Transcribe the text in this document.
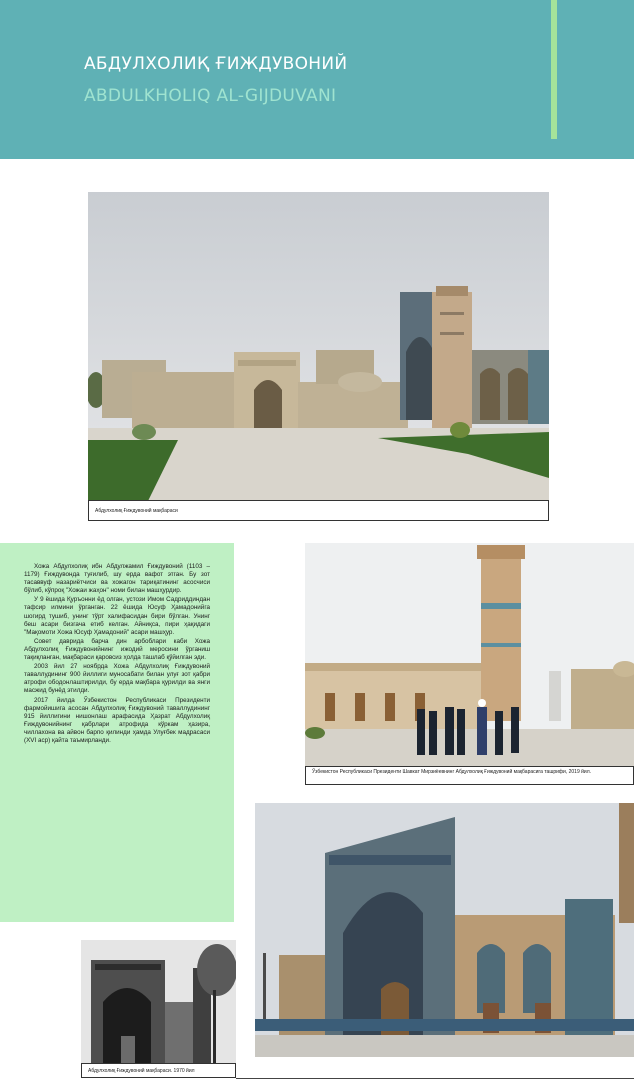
АБДУЛХОЛИҚ ҒИЖДУВОНИЙ
ABDULKHOLIQ AL-GIJDUVANI
Абдулхолиқ Ғиждувоний мақбараси

Хожа Абдулхолиқ ибн Абдулжамил Ғиждувоний (1103 – 1179) Ғиждувонда туғилиб, шу ерда вафот этган. Бу зот тасаввуф назариётчиси ва хожагон тариқатининг асосчиси бўлиб, кўпроқ "Хожаи жаҳон" номи билан машҳурдир.

У 9 ёшида Қуръонни ёд олган, устози Имом Садриддиндан тафсир илмини ўрганган. 22 ёшида Юсуф Ҳамадонийга шогирд тушиб, унинг тўрт халифасидан бири бўлган. Унинг беш асари бизгача етиб келган. Айниқса, пири ҳақидаги "Мақомоти Хожа Юсуф Ҳамадоний" асари машҳур.

Совет даврида барча дин арбоблари каби Хожа Абдулхолиқ Ғиждувонийнинг ижодий меросини ўрганиш тақиқланган, мақбараси қаровсиз ҳолда ташлаб қўйилган эди.

2003 йил 27 ноябрда Хожа Абдулхолиқ Ғиждувоний таваллудининг 900 йиллиги муносабати билан улуғ зот қабри атрофи ободонлаштирилди, бу ерда мақбара қурилди ва янги масжид бунёд этилди.

2017 йилда Ўзбекистон Республикаси Президенти фармойишига асосан Абдулхолиқ Ғиждувоний таваллудининг 915 йиллигини нишонлаш арафасида Ҳазрат Абдулхолиқ Ғиждувонийнинг қабрлари атрофида кўркам ҳазира, чиллахона ва айвон барпо қилинди ҳамда Улуғбек мадрасаси (XVI аср) қайта таъмирланди.

Ўзбекистон Республикаси Президенти Шавкат Мирзиёевнинг Абдулхолиқ Ғиждувоний мақбарасига ташрифи, 2019 йил.
Абдулхолиқ Ғиждувоний мақбараси. 1970 йил
